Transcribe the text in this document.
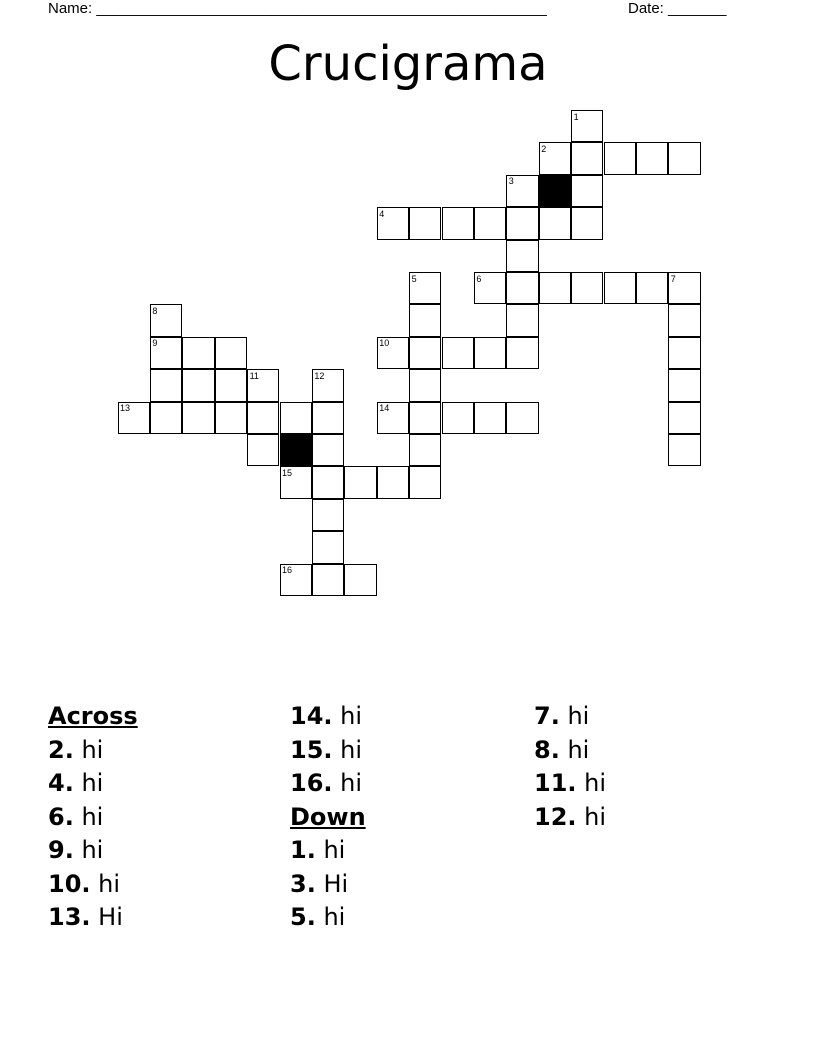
Name: ______________________________________________________	Date: _______
Crucigrama
1
2
3
4
5	6	7
8
9	10
11	12
13	14
15
16
Across
2. hi
4. hi
6. hi
9. hi
10. hi
13. Hi
14. hi
15. hi
16. hi
Down
1. hi
3. Hi
5. hi
7. hi
8. hi
11. hi
12. hi
